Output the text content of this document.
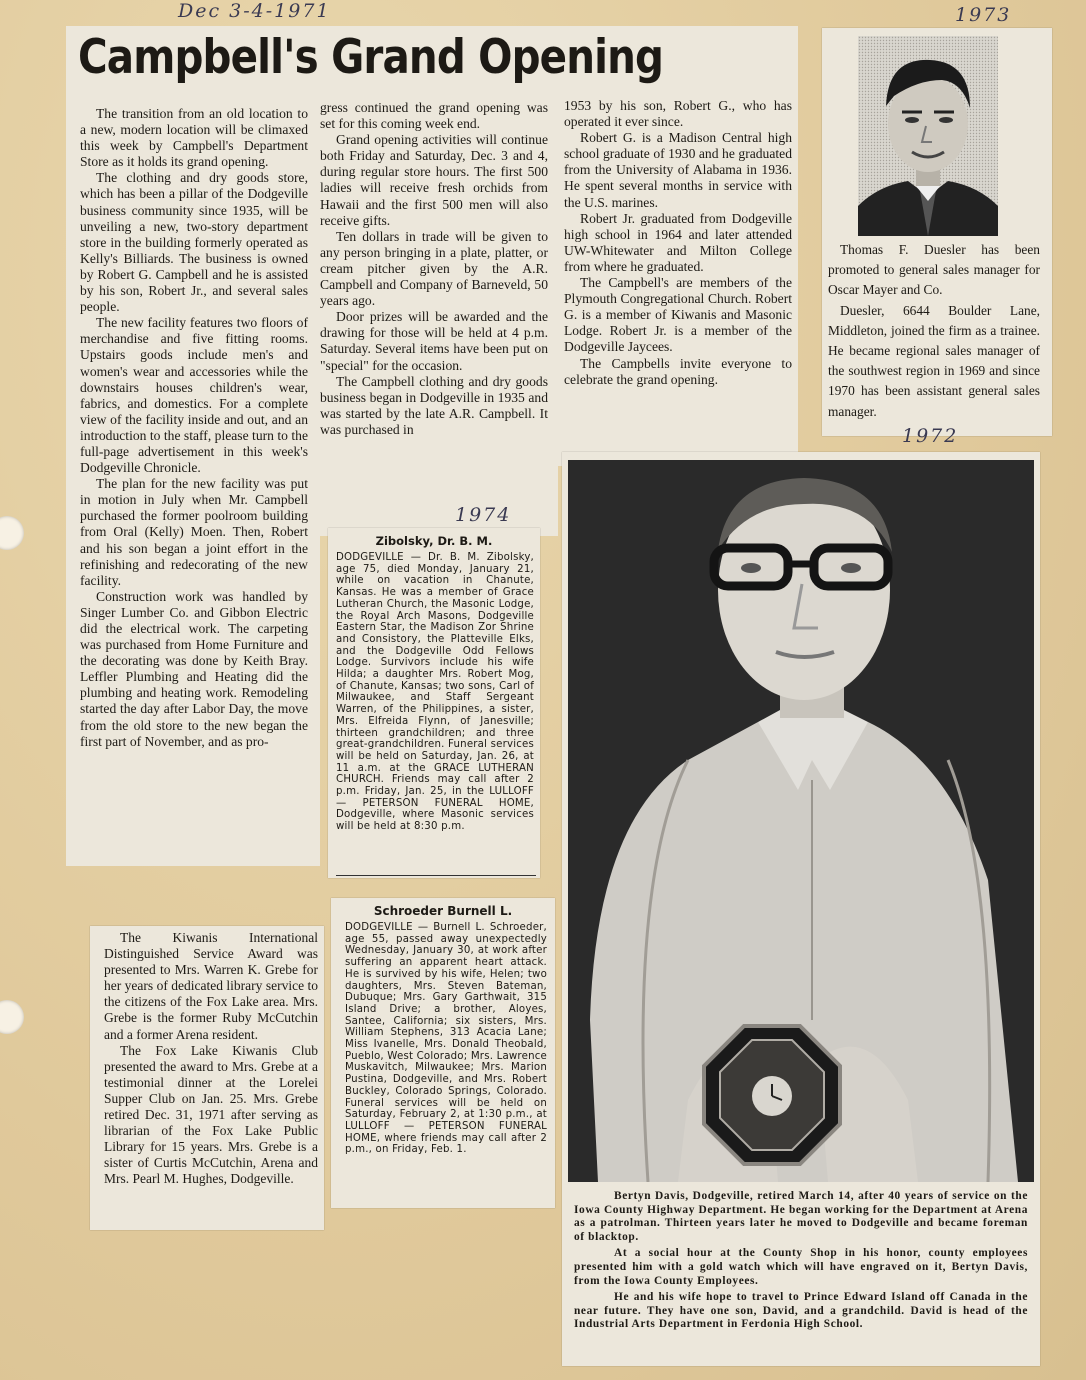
Dec 3-4-1971	1973
Campbell's Grand Opening

The transition from an old location to a new, modern location will be climaxed this week by Campbell's Department Store as it holds its grand opening.

The clothing and dry goods store, which has been a pillar of the Dodgeville business community since 1935, will be unveiling a new, two-story department store in the building formerly operated as Kelly's Billiards. The business is owned by Robert G. Campbell and he is assisted by his son, Robert Jr., and several sales people.

The new facility features two floors of merchandise and five fitting rooms. Upstairs goods include men's and women's wear and accessories while the downstairs houses children's wear, fabrics, and domestics. For a complete view of the facility inside and out, and an introduction to the staff, please turn to the full-page advertisement in this week's Dodgeville Chronicle.

The plan for the new facility was put in motion in July when Mr. Campbell purchased the former poolroom building from Oral (Kelly) Moen. Then, Robert and his son began a joint effort in the refinishing and redecorating of the new facility.

Construction work was handled by Singer Lumber Co. and Gibbon Electric did the electrical work. The carpeting was purchased from Home Furniture and the decorating was done by Keith Bray. Leffler Plumbing and Heating did the plumbing and heating work. Remodeling started the day after Labor Day, the move from the old store to the new began the first part of November, and as pro-

gress continued the grand opening was set for this coming week end.

Grand opening activities will continue both Friday and Saturday, Dec. 3 and 4, during regular store hours. The first 500 ladies will receive fresh orchids from Hawaii and the first 500 men will also receive gifts.

Ten dollars in trade will be given to any person bringing in a plate, platter, or cream pitcher given by the A.R. Campbell and Company of Barneveld, 50 years ago.

Door prizes will be awarded and the drawing for those will be held at 4 p.m. Saturday. Several items have been put on "special" for the occasion.

The Campbell clothing and dry goods business began in Dodgeville in 1935 and was started by the late A.R. Campbell. It was purchased in

1953 by his son, Robert G., who has operated it ever since.

Robert G. is a Madison Central high school graduate of 1930 and he graduated from the University of Alabama in 1936. He spent several months in service with the U.S. marines.

Robert Jr. graduated from Dodgeville high school in 1964 and later attended UW-Whitewater and Milton College from where he graduated.

The Campbell's are members of the Plymouth Congregational Church. Robert G. is a member of Kiwanis and Masonic Lodge. Robert Jr. is a member of the Dodgeville Jaycees.

The Campbells invite everyone to celebrate the grand opening.

Thomas F. Duesler has been promoted to general sales manager for Oscar Mayer and Co.

Duesler, 6644 Boulder Lane, Middleton, joined the firm as a trainee. He became regional sales manager of the southwest region in 1969 and since 1970 has been assistant general sales manager.

1972
Zibolsky, Dr. B. M.
DODGEVILLE — Dr. B. M. Zibolsky, age 75, died Monday, January 21, while on vacation in Chanute, Kansas. He was a member of Grace Lutheran Church, the Masonic Lodge, the Royal Arch Masons, Dodgeville Eastern Star, the Madison Zor Shrine and Consistory, the Platteville Elks, and the Dodgeville Odd Fellows Lodge. Survivors include his wife Hilda; a daughter Mrs. Robert Mog, of Chanute, Kansas; two sons, Carl of Milwaukee, and Staff Sergeant Warren, of the Philippines, a sister, Mrs. Elfreida Flynn, of Janesville; thirteen grandchildren; and three great-grandchildren. Funeral services will be held on Saturday, Jan. 26, at 11 a.m. at the GRACE LUTHERAN CHURCH. Friends may call after 2 p.m. Friday, Jan. 25, in the LULLOFF — PETERSON FUNERAL HOME, Dodgeville, where Masonic services will be held at 8:30 p.m.
1974
Schroeder Burnell L.
DODGEVILLE — Burnell L. Schroeder, age 55, passed away unexpectedly Wednesday, January 30, at work after suffering an apparent heart attack. He is survived by his wife, Helen; two daughters, Mrs. Steven Bateman, Dubuque; Mrs. Gary Garthwait, 315 Island Drive; a brother, Aloyes, Santee, California; six sisters, Mrs. William Stephens, 313 Acacia Lane; Miss Ivanelle, Mrs. Donald Theobald, Pueblo, West Colorado; Mrs. Lawrence Muskavitch, Milwaukee; Mrs. Marion Pustina, Dodgeville, and Mrs. Robert Buckley, Colorado Springs, Colorado. Funeral services will be held on Saturday, February 2, at 1:30 p.m., at LULLOFF — PETERSON FUNERAL HOME, where friends may call after 2 p.m., on Friday, Feb. 1.

The Kiwanis International Distinguished Service Award was presented to Mrs. Warren K. Grebe for her years of dedicated library service to the citizens of the Fox Lake area. Mrs. Grebe is the former Ruby McCutchin and a former Arena resident.

The Fox Lake Kiwanis Club presented the award to Mrs. Grebe at a testimonial dinner at the Lorelei Supper Club on Jan. 25. Mrs. Grebe retired Dec. 31, 1971 after serving as librarian of the Fox Lake Public Library for 15 years. Mrs. Grebe is a sister of Curtis McCutchin, Arena and Mrs. Pearl M. Hughes, Dodgeville.

Bertyn Davis, Dodgeville, retired March 14, after 40 years of service on the Iowa County Highway Department. He began working for the Department at Arena as a patrolman. Thirteen years later he moved to Dodgeville and became foreman of blacktop.

At a social hour at the County Shop in his honor, county employees presented him with a gold watch which will have engraved on it, Bertyn Davis, from the Iowa County Employees.

He and his wife hope to travel to Prince Edward Island off Canada in the near future. They have one son, David, and a grandchild. David is head of the Industrial Arts Department in Ferdonia High School.
